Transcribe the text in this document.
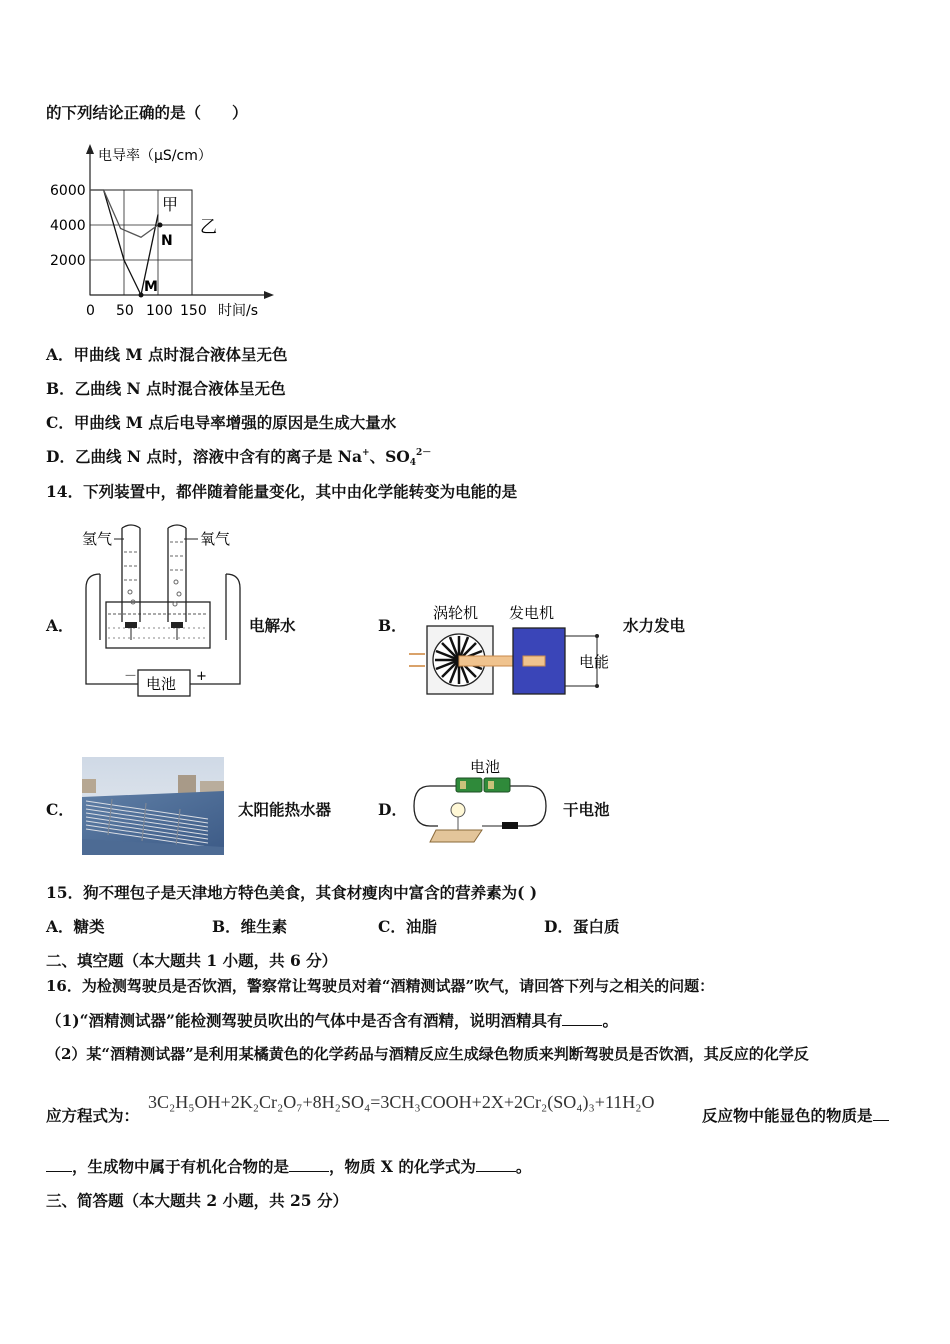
的下列结论正确的是（　　）
6000
4000
2000
0 50 100 150
电导率（μS/cm）
时间/s
甲
乙
M
N
A．甲曲线 M 点时混合液体呈无色
B．乙曲线 N 点时混合液体呈无色
C．甲曲线 M 点后电导率增强的原因是生成大量水
D．乙曲线 N 点时，溶液中含有的离子是 Na+、$SO_4^{2-}$
14．下列装置中，都伴随着能量变化，其中由化学能转变为电能的是
A．
氢气	氧气
电池
－	+
电解水	B．
涡轮机 发电机
电能
水力发电
C．	太阳能热水器	D．
电池
干电池
15．狗不理包子是天津地方特色美食，其食材瘦肉中富含的营养素为( )
A．糖类	B．维生素	C．油脂	D．蛋白质
二、填空题（本大题共 1 小题，共 6 分）
16．为检测驾驶员是否饮酒，警察常让驾驶员对着“酒精测试器”吹气，请回答下列与之相关的问题：
（1)“酒精测试器”能检测驾驶员吹出的气体中是否含有酒精，说明酒精具有	。
（2）某“酒精测试器”是利用某橘黄色的化学药品与酒精反应生成绿色物质来判断驾驶员是否饮酒，其反应的化学反
应方程式为：
3C₂H₅OH+2K₂Cr₂O₇+8H₂SO₄=3CH₃COOH+2X+2Cr₂(SO₄)₃+11H₂O
反应物中能显色的物质是
，生成物中属于有机化合物的是	，物质 X 的化学式为	。
三、简答题（本大题共 2 小题，共 25 分）
